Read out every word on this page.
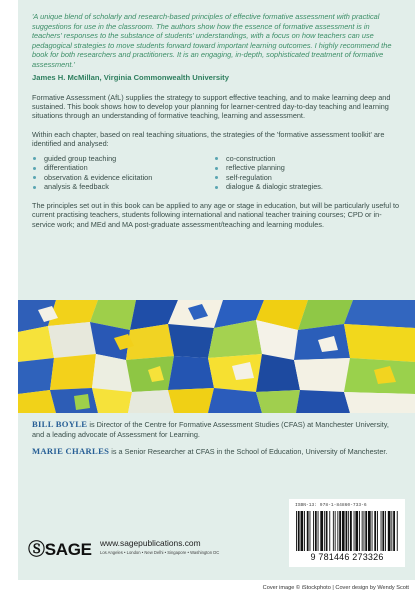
'A unique blend of scholarly and research-based principles of effective formative assessment with practical suggestions for use in the classroom. The authors show how the essence of formative assessment is in teachers' responses to the substance of students' understandings, with a focus on how teachers can use pedagogical strategies to move students forward toward important learning outcomes. I highly recommend the book for both researchers and practitioners. It is an engaging, in-depth, sophisticated treatment of formative assessment.'

James H. McMillan, Virginia Commonwealth University

Formative Assessment (AfL) supplies the strategy to support effective teaching, and to make learning deep and sustained. This book shows how to develop your planning for learner-centred day-to-day teaching and learning situations through an understanding of formative teaching, learning and assessment.

Within each chapter, based on real teaching situations, the strategies of the 'formative assessment toolkit' are identified and analysed:

guided group teaching	co-construction
differentiation	reflective planning
observation & evidence elicitation	self-regulation
analysis & feedback	dialogue & dialogic strategies.

The principles set out in this book can be applied to any age or stage in education, but will be particularly useful to current practising teachers, students following international and national teacher training courses; CPD or in-service work; and MEd and MA post-graduate assessment/teaching and learning modules.

BILL BOYLE is Director of the Centre for Formative Assessment Studies (CFAS) at Manchester University, and a leading advocate of Assessment for Learning.

MARIE CHARLES is a Senior Researcher at CFAS in the School of Education, University of Manchester.

ⓈSAGE www.sagepublications.com
Los Angeles • London • New Delhi • Singapore • Washington DC
ISBN-13: 978-1-84860-733-6
9 781446 273326
Cover image © iStockphoto | Cover design by Wendy Scott
